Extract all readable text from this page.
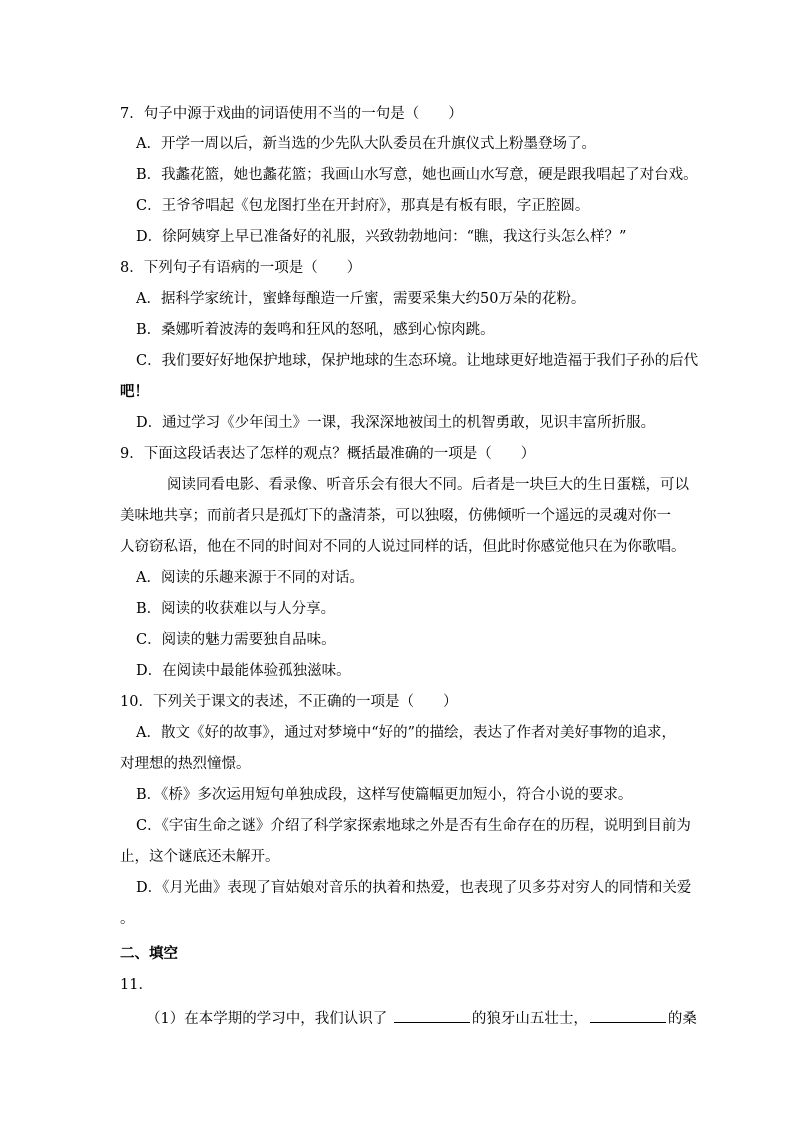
7．句子中源于戏曲的词语使用不当的一句是（　　）
A．开学一周以后，新当选的少先队大队委员在升旗仪式上粉墨登场了。
B．我蠡花篮，她也蠡花篮；我画山水写意，她也画山水写意，硬是跟我唱起了对台戏。
C．王爷爷唱起《包龙图打坐在开封府》，那真是有板有眼，字正腔圆。
D．徐阿姨穿上早已准备好的礼服，兴致勃勃地问：“瞧，我这行头怎么样？”
8．下列句子有语病的一项是（　　）
A．据科学家统计，蜜蜂每酿造一斤蜜，需要采集大约50万朵的花粉。
B．桑娜听着波涛的轰鸣和狂风的怒吼，感到心惊肉跳。
C．我们要好好地保护地球，保护地球的生态环境。让地球更好地造福于我们子孙的后代
吧！
D．通过学习《少年闰土》一课，我深深地被闰土的机智勇敢，见识丰富所折服。
9．下面这段话表达了怎样的观点？概括最准确的一项是（　　）
阅读同看电影、看录像、听音乐会有很大不同。后者是一块巨大的生日蛋糕，可以
美味地共享；而前者只是孤灯下的盏清茶，可以独啜，仿佛倾听一个遥远的灵魂对你一
人窃窃私语，他在不同的时间对不同的人说过同样的话，但此时你感觉他只在为你歌唱。
A．阅读的乐趣来源于不同的对话。
B．阅读的收获难以与人分享。
C．阅读的魅力需要独自品味。
D．在阅读中最能体验孤独滋味。
10．下列关于课文的表述，不正确的一项是（　　）
A．散文《好的故事》，通过对梦境中“好的”的描绘，表达了作者对美好事物的追求，
对理想的热烈憧憬。
B．《桥》多次运用短句单独成段，这样写使篇幅更加短小，符合小说的要求。
C．《宇宙生命之谜》介绍了科学家探索地球之外是否有生命存在的历程，说明到目前为
止，这个谜底还未解开。
D．《月光曲》表现了盲姑娘对音乐的执着和热爱，也表现了贝多芬对穷人的同情和关爱
。
二、填空
11．
（1）在本学期的学习中，我们认识了	的狼牙山五壮士，	的桑
